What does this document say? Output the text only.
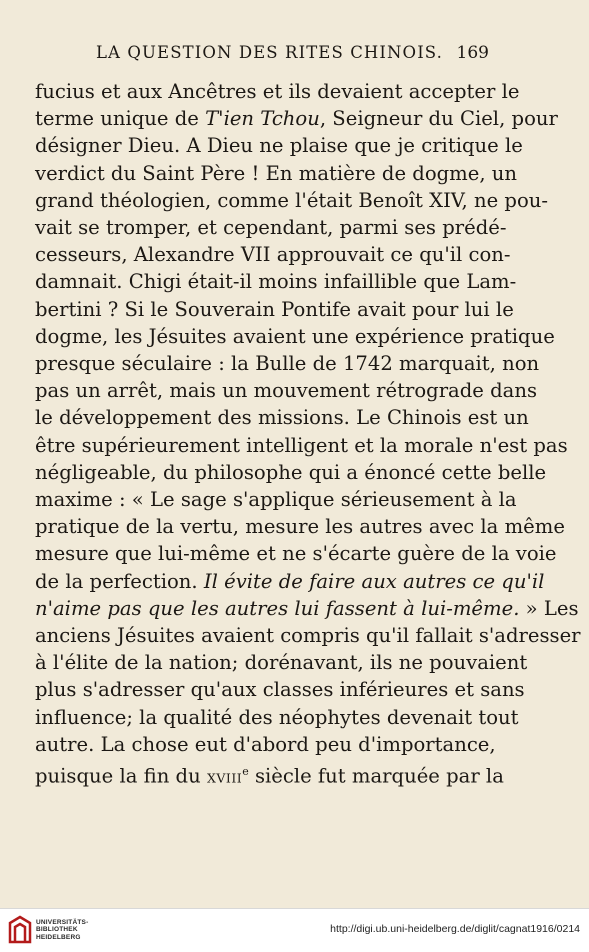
LA QUESTION DES RITES CHINOIS. 169
fucius et aux Ancêtres et ils devaient accepter le
terme unique de T'ien Tchou, Seigneur du Ciel, pour
désigner Dieu. A Dieu ne plaise que je critique le
verdict du Saint Père ! En matière de dogme, un
grand théologien, comme l'était Benoît XIV, ne pou-
vait se tromper, et cependant, parmi ses prédé-
cesseurs, Alexandre VII approuvait ce qu'il con-
damnait. Chigi était-il moins infaillible que Lam-
bertini ? Si le Souverain Pontife avait pour lui le
dogme, les Jésuites avaient une expérience pratique
presque séculaire : la Bulle de 1742 marquait, non
pas un arrêt, mais un mouvement rétrograde dans
le développement des missions. Le Chinois est un
être supérieurement intelligent et la morale n'est pas
négligeable, du philosophe qui a énoncé cette belle
maxime : « Le sage s'applique sérieusement à la
pratique de la vertu, mesure les autres avec la même
mesure que lui-même et ne s'écarte guère de la voie
de la perfection. Il évite de faire aux autres ce qu'il
n'aime pas que les autres lui fassent à lui-même. » Les
anciens Jésuites avaient compris qu'il fallait s'adresser
à l'élite de la nation; dorénavant, ils ne pouvaient
plus s'adresser qu'aux classes inférieures et sans
influence; la qualité des néophytes devenait tout
autre. La chose eut d'abord peu d'importance,
puisque la fin du XVIIIe siècle fut marquée par la
UNIVERSITÄTS-
BIBLIOTHEK
HEIDELBERG
http://digi.ub.uni-heidelberg.de/diglit/cagnat1916/0214
